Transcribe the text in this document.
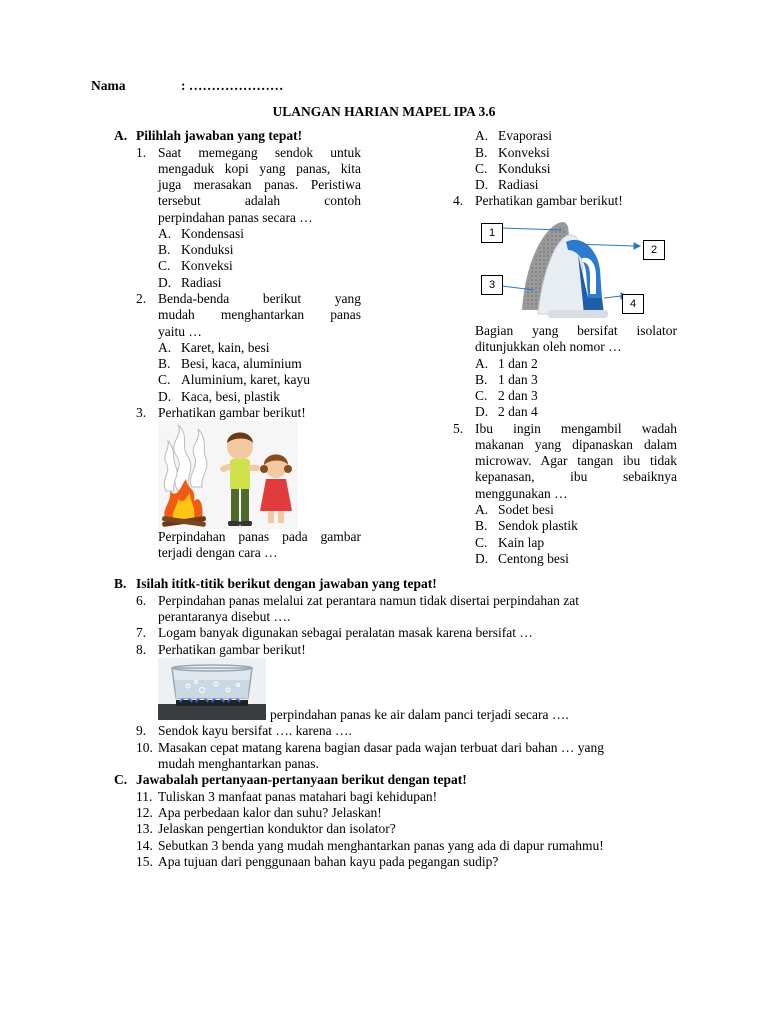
Nama	: …………………
ULANGAN HARIAN MAPEL IPA 3.6
A. Pilihlah jawaban yang tepat!
1. Saat memegang sendok untuk
mengaduk kopi yang panas, kita
juga merasakan panas. Peristiwa
tersebut adalah contoh
perpindahan panas secara …
A. Kondensasi
B. Konduksi
C. Konveksi
D. Radiasi
2. Benda-benda berikut yang
mudah menghantarkan panas
yaitu …
A. Karet, kain, besi
B. Besi, kaca, aluminium
C. Aluminium, karet, kayu
D. Kaca, besi, plastik
3. Perhatikan gambar berikut!
Perpindahan panas pada gambar
terjadi dengan cara …
A. Evaporasi
B. Konveksi
C. Konduksi
D. Radiasi
4. Perhatikan gambar berikut!
1
2
3
4
Bagian yang bersifat isolator
ditunjukkan oleh nomor …
A. 1 dan 2
B. 1 dan 3
C. 2 dan 3
D. 2 dan 4
5. Ibu ingin mengambil wadah
makanan yang dipanaskan dalam
microwav. Agar tangan ibu tidak
kepanasan, ibu sebaiknya
menggunakan …
A. Sodet besi
B. Sendok plastik
C. Kain lap
D. Centong besi
B. Isilah ititk-titik berikut dengan jawaban yang tepat!
6. Perpindahan panas melalui zat perantara namun tidak disertai perpindahan zat
perantaranya disebut ….
7. Logam banyak digunakan sebagai peralatan masak karena bersifat …
8. Perhatikan gambar berikut!
perpindahan panas ke air dalam panci terjadi secara ….
9. Sendok kayu bersifat …. karena ….
10. Masakan cepat matang karena bagian dasar pada wajan terbuat dari bahan … yang
mudah menghantarkan panas.
C. Jawabalah pertanyaan-pertanyaan berikut dengan tepat!
11. Tuliskan 3 manfaat panas matahari bagi kehidupan!
12. Apa perbedaan kalor dan suhu? Jelaskan!
13. Jelaskan pengertian konduktor dan isolator?
14. Sebutkan 3 benda yang mudah menghantarkan panas yang ada di dapur rumahmu!
15. Apa tujuan dari penggunaan bahan kayu pada pegangan sudip?
